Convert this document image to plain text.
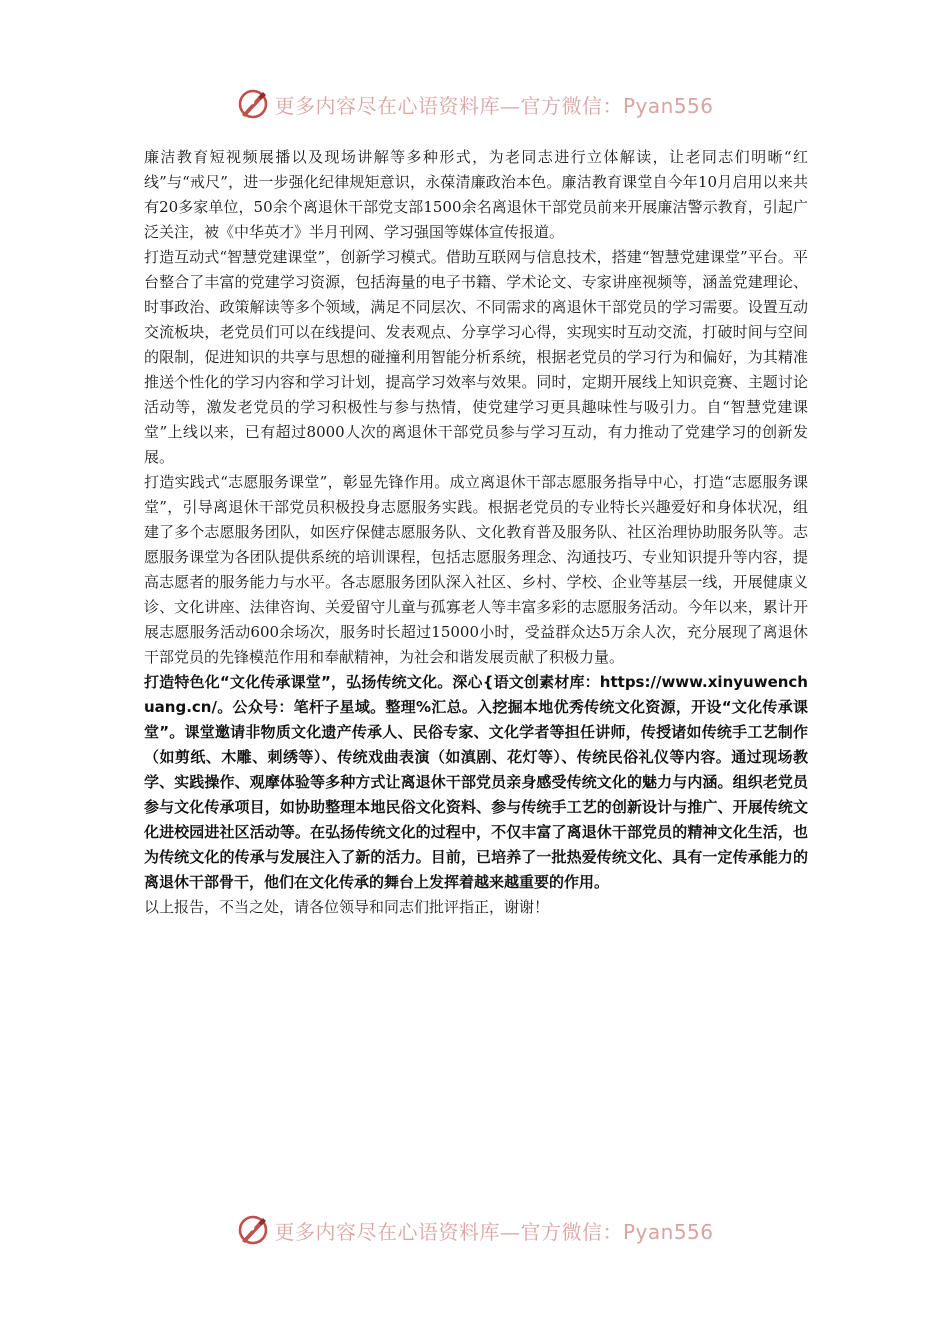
更多内容尽在心语资料库—官方微信：Pyan556

廉洁教育短视频展播以及现场讲解等多种形式，为老同志进行立体解读，让老同志们明晰“红线”与“戒尺”，进一步强化纪律规矩意识，永葆清廉政治本色。廉洁教育课堂自今年10月启用以来共有20多家单位，50余个离退休干部党支部1500余名离退休干部党员前来开展廉洁警示教育，引起广泛关注，被《中华英才》半月刊网、学习强国等媒体宣传报道。

打造互动式“智慧党建课堂”，创新学习模式。借助互联网与信息技术，搭建“智慧党建课堂”平台。平台整合了丰富的党建学习资源，包括海量的电子书籍、学术论文、专家讲座视频等，涵盖党建理论、时事政治、政策解读等多个领域，满足不同层次、不同需求的离退休干部党员的学习需要。设置互动交流板块，老党员们可以在线提问、发表观点、分享学习心得，实现实时互动交流，打破时间与空间的限制，促进知识的共享与思想的碰撞利用智能分析系统，根据老党员的学习行为和偏好，为其精准推送个性化的学习内容和学习计划，提高学习效率与效果。同时，定期开展线上知识竞赛、主题讨论活动等，激发老党员的学习积极性与参与热情，使党建学习更具趣味性与吸引力。自“智慧党建课堂”上线以来，已有超过8000人次的离退休干部党员参与学习互动，有力推动了党建学习的创新发展。

打造实践式“志愿服务课堂”，彰显先锋作用。成立离退休干部志愿服务指导中心，打造“志愿服务课堂”，引导离退休干部党员积极投身志愿服务实践。根据老党员的专业特长兴趣爱好和身体状况，组建了多个志愿服务团队，如医疗保健志愿服务队、文化教育普及服务队、社区治理协助服务队等。志愿服务课堂为各团队提供系统的培训课程，包括志愿服务理念、沟通技巧、专业知识提升等内容，提高志愿者的服务能力与水平。各志愿服务团队深入社区、乡村、学校、企业等基层一线，开展健康义诊、文化讲座、法律咨询、关爱留守儿童与孤寡老人等丰富多彩的志愿服务活动。今年以来，累计开展志愿服务活动600余场次，服务时长超过15000小时，受益群众达5万余人次，充分展现了离退休干部党员的先锋模范作用和奉献精神，为社会和谐发展贡献了积极力量。

打造特色化“文化传承课堂”，弘扬传统文化。深心{语文创素材库：https://www.xinyuwenchuang.cn/。公众号：笔杆子星域。整理%汇总。入挖掘本地优秀传统文化资源，开设“文化传承课堂”。课堂邀请非物质文化遗产传承人、民俗专家、文化学者等担任讲师，传授诸如传统手工艺制作（如剪纸、木雕、刺绣等）、传统戏曲表演（如滇剧、花灯等）、传统民俗礼仪等内容。通过现场教学、实践操作、观摩体验等多种方式让离退休干部党员亲身感受传统文化的魅力与内涵。组织老党员参与文化传承项目，如协助整理本地民俗文化资料、参与传统手工艺的创新设计与推广、开展传统文化进校园进社区活动等。在弘扬传统文化的过程中，不仅丰富了离退休干部党员的精神文化生活，也为传统文化的传承与发展注入了新的活力。目前，已培养了一批热爱传统文化、具有一定传承能力的离退休干部骨干，他们在文化传承的舞台上发挥着越来越重要的作用。

以上报告，不当之处，请各位领导和同志们批评指正，谢谢！

更多内容尽在心语资料库—官方微信：Pyan556
